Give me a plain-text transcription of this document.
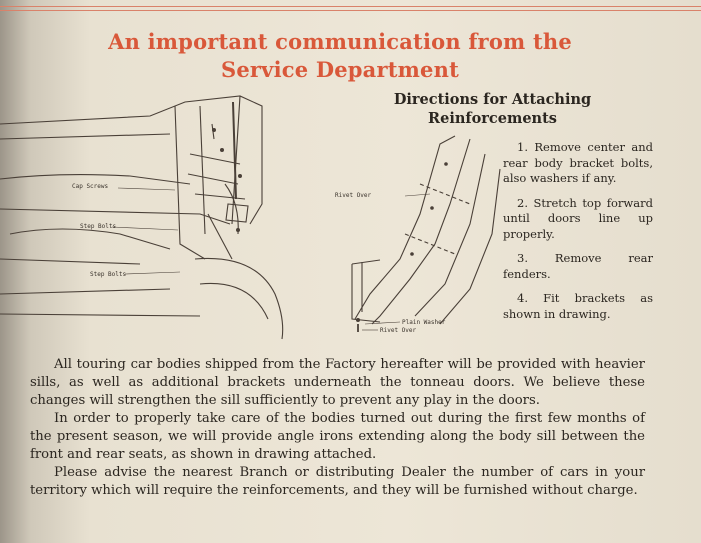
An important communication from the
Service Department
Cap Screws
Step Bolts
Step Bolts
Rivet Over
Plain Washer
Rivet Over
Directions for Attaching
Reinforcements
1. Remove center and rear body bracket bolts, also washers if any.
2. Stretch top forward until doors line up properly.
3. Remove rear fenders.
4. Fit brackets as shown in drawing.

All touring car bodies shipped from the Factory hereafter will be provided with heavier sills, as well as additional brackets underneath the tonneau doors. We believe these changes will strengthen the sill sufficiently to prevent any play in the doors.

In order to properly take care of the bodies turned out during the first few months of the present season, we will provide angle irons extending along the body sill between the front and rear seats, as shown in drawing attached.

Please advise the nearest Branch or distributing Dealer the number of cars in your territory which will require the reinforcements, and they will be furnished without charge.
